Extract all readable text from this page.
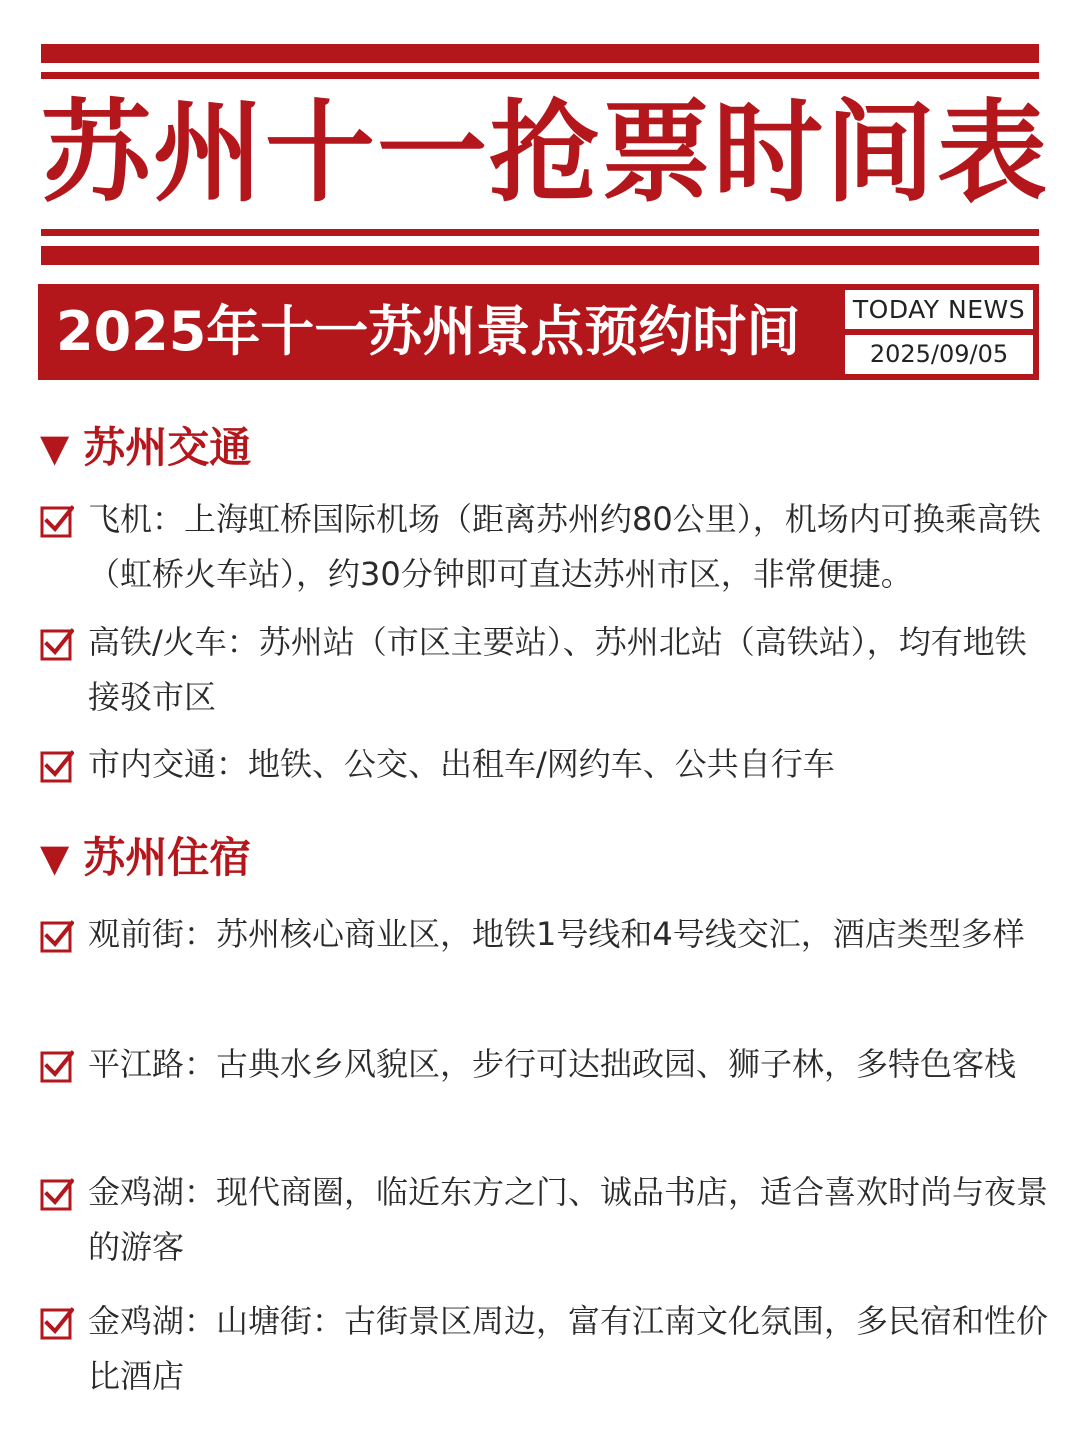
苏州十一抢票时间表
2025年十一苏州景点预约时间	TODAY NEWS
2025/09/05
▼ 苏州交通
飞机：上海虹桥国际机场（距离苏州约80公里），机场内可换乘高铁（虹桥火车站），约30分钟即可直达苏州市区，非常便捷。
高铁/火车：苏州站（市区主要站）、苏州北站（高铁站），均有地铁接驳市区
市内交通：地铁、公交、出租车/网约车、公共自行车
▼ 苏州住宿
观前街：苏州核心商业区，地铁1号线和4号线交汇，酒店类型多样
平江路：古典水乡风貌区，步行可达拙政园、狮子林，多特色客栈
金鸡湖：现代商圈，临近东方之门、诚品书店，适合喜欢时尚与夜景的游客
金鸡湖：山塘街：古街景区周边，富有江南文化氛围，多民宿和性价比酒店
